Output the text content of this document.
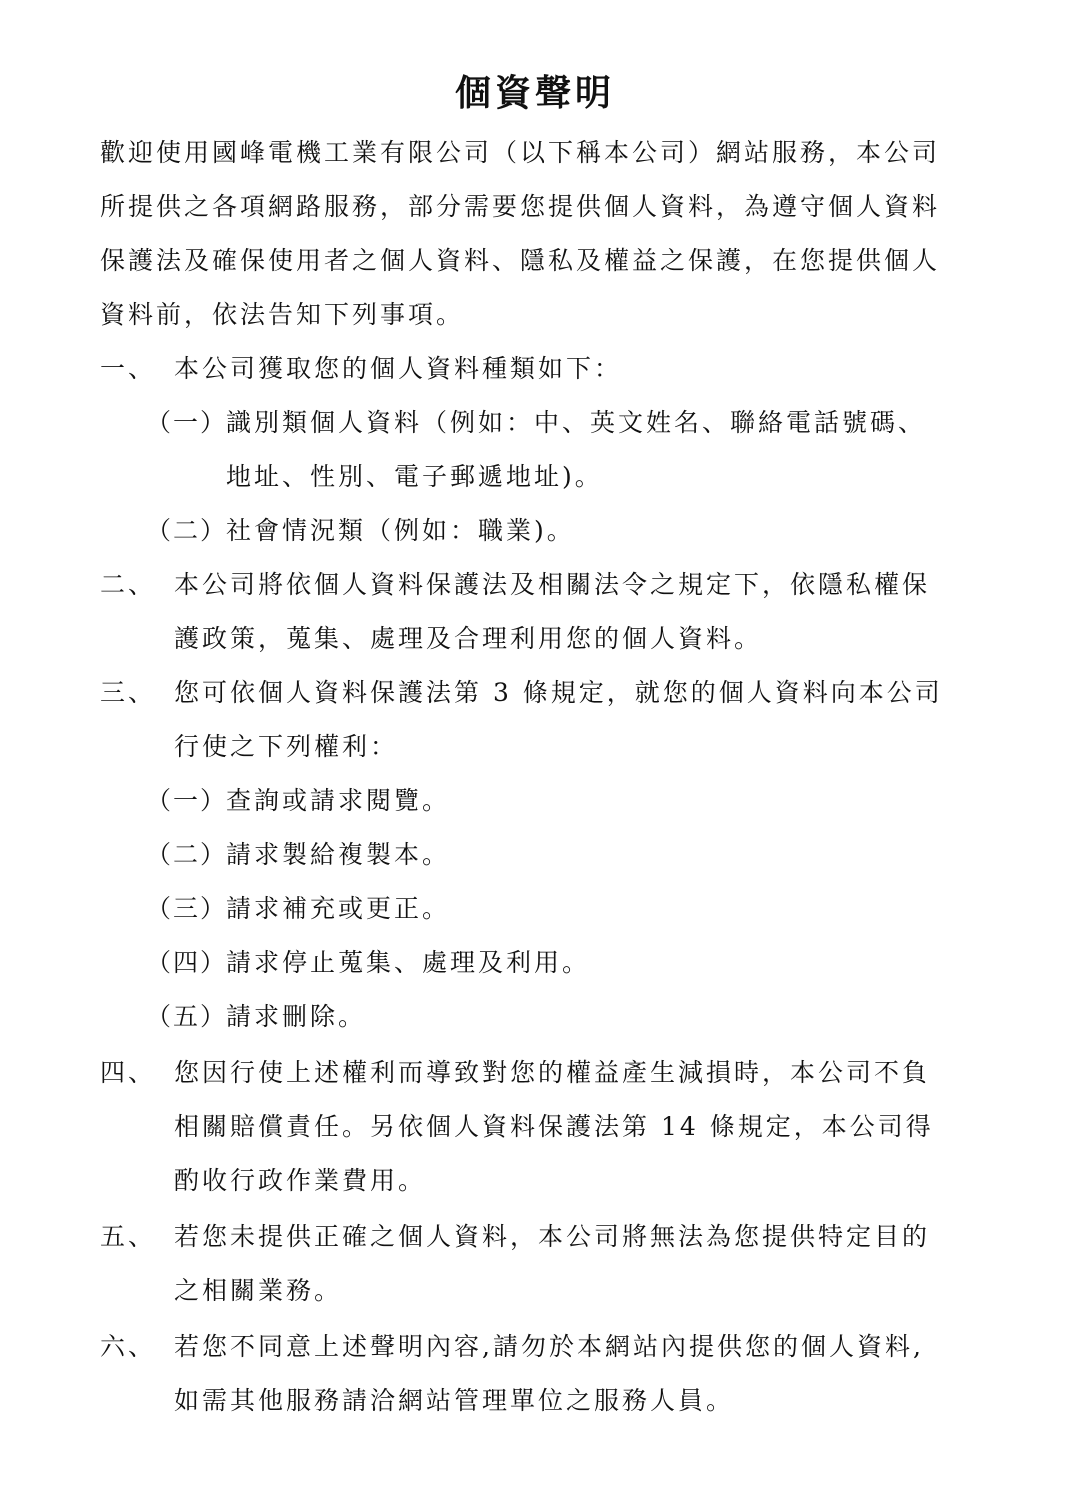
個資聲明
歡迎使用國峰電機工業有限公司（以下稱本公司）網站服務，本公司
所提供之各項網路服務，部分需要您提供個人資料，為遵守個人資料
保護法及確保使用者之個人資料、隱私及權益之保護，在您提供個人
資料前，依法告知下列事項。
一、 本公司獲取您的個人資料種類如下：
（一）
識別類個人資料（例如：中、英文姓名、聯絡電話號碼、
地址、性別、電子郵遞地址)。
（二）
社會情況類（例如：職業)。
二、 本公司將依個人資料保護法及相關法令之規定下，依隱私權保
護政策，蒐集、處理及合理利用您的個人資料。
三、 您可依個人資料保護法第 3 條規定，就您的個人資料向本公司
行使之下列權利：
（一）
查詢或請求閱覽。
（二）
請求製給複製本。
（三）
請求補充或更正。
（四）
請求停止蒐集、處理及利用。
（五）
請求刪除。
四、 您因行使上述權利而導致對您的權益產生減損時，本公司不負
相關賠償責任。另依個人資料保護法第 14 條規定，本公司得
酌收行政作業費用。
五、 若您未提供正確之個人資料，本公司將無法為您提供特定目的
之相關業務。
六、 若您不同意上述聲明內容,請勿於本網站內提供您的個人資料,
如需其他服務請洽網站管理單位之服務人員。
